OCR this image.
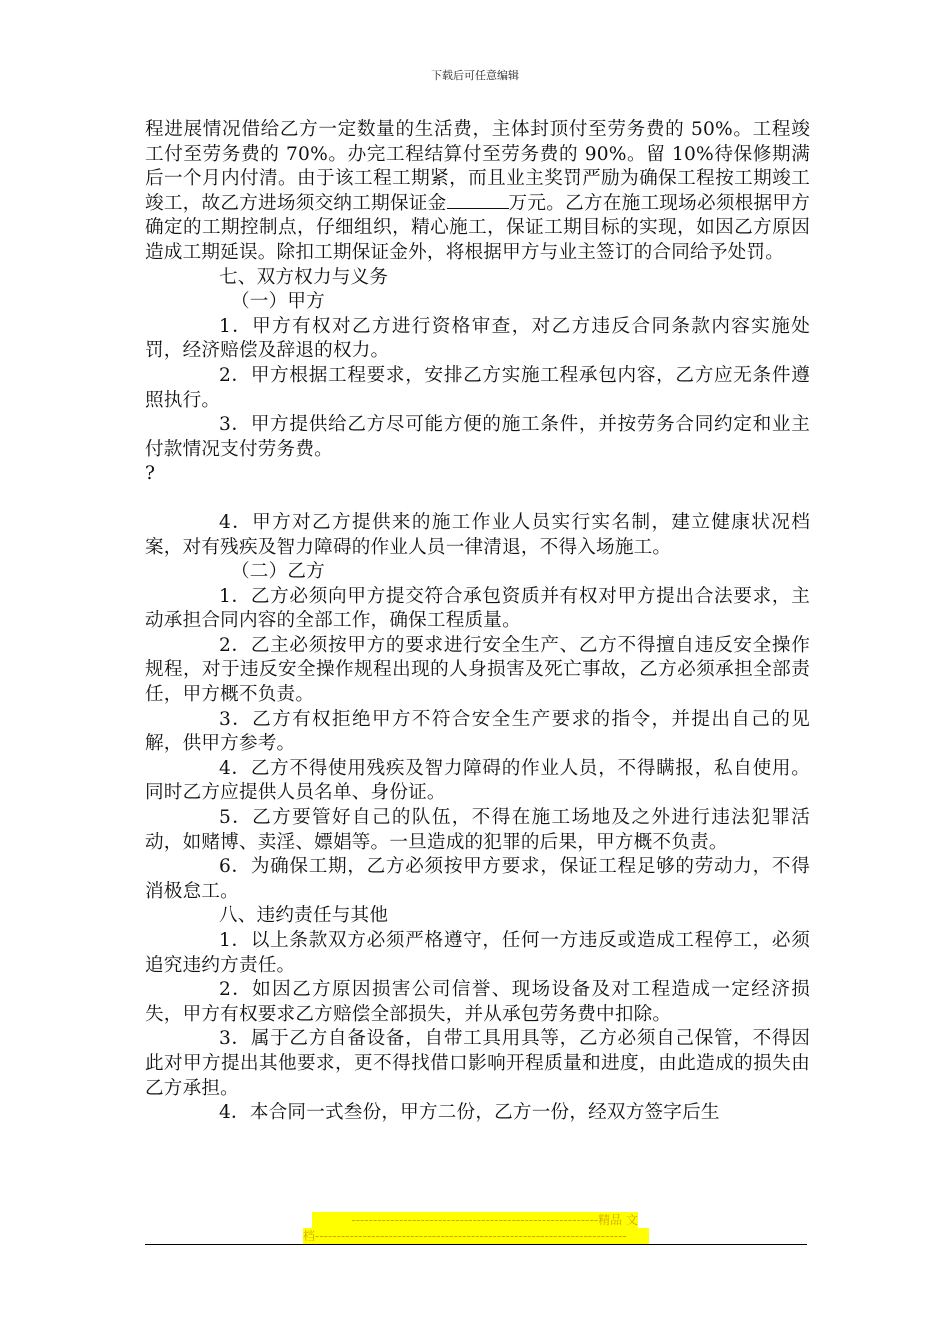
下载后可任意编辑

程进展情况借给乙方一定数量的生活费，主体封顶付至劳务费的 50%。工程竣工付至劳务费的 70%。办完工程结算付至劳务费的 90%。留 10%待保修期满后一个月内付清。由于该工程工期紧，而且业主奖罚严励为确保工程按工期竣工竣工，故乙方进场须交纳工期保证金	万元。乙方在施工现场必须根据甲方确定的工期控制点，仔细组织，精心施工，保证工期目标的实现，如因乙方原因造成工期延误。除扣工期保证金外，将根据甲方与业主签订的合同给予处罚。

七、双方权力与义务

（一）甲方

1．甲方有权对乙方进行资格审查，对乙方违反合同条款内容实施处罚，经济赔偿及辞退的权力。

2．甲方根据工程要求，安排乙方实施工程承包内容，乙方应无条件遵照执行。

3．甲方提供给乙方尽可能方便的施工条件，并按劳务合同约定和业主付款情况支付劳务费。

?

4．甲方对乙方提供来的施工作业人员实行实名制，建立健康状况档案，对有残疾及智力障碍的作业人员一律清退，不得入场施工。

（二）乙方

1．乙方必须向甲方提交符合承包资质并有权对甲方提出合法要求，主动承担合同内容的全部工作，确保工程质量。

2．乙主必须按甲方的要求进行安全生产、乙方不得擅自违反安全操作规程，对于违反安全操作规程出现的人身损害及死亡事故，乙方必须承担全部责任，甲方概不负责。

3．乙方有权拒绝甲方不符合安全生产要求的指令，并提出自己的见解，供甲方参考。

4．乙方不得使用残疾及智力障碍的作业人员，不得瞒报，私自使用。同时乙方应提供人员名单、身份证。

5．乙方要管好自己的队伍，不得在施工场地及之外进行违法犯罪活动，如赌博、卖淫、嫖娼等。一旦造成的犯罪的后果，甲方概不负责。

6．为确保工期，乙方必须按甲方要求，保证工程足够的劳动力，不得消极怠工。

八、违约责任与其他

1．以上条款双方必须严格遵守，任何一方违反或造成工程停工，必须追究违约方责任。

2．如因乙方原因损害公司信誉、现场设备及对工程造成一定经济损失，甲方有权要求乙方赔偿全部损失，并从承包劳务费中扣除。

3．属于乙方自备设备，自带工具用具等，乙方必须自己保管，不得因此对甲方提出其他要求，更不得找借口影响开程质量和进度，由此造成的损失由乙方承担。

4．本合同一式叁份，甲方二份，乙方一份，经双方签字后生

---------------------------------------------------------精品 文
档------------------------------------------------------------------------
